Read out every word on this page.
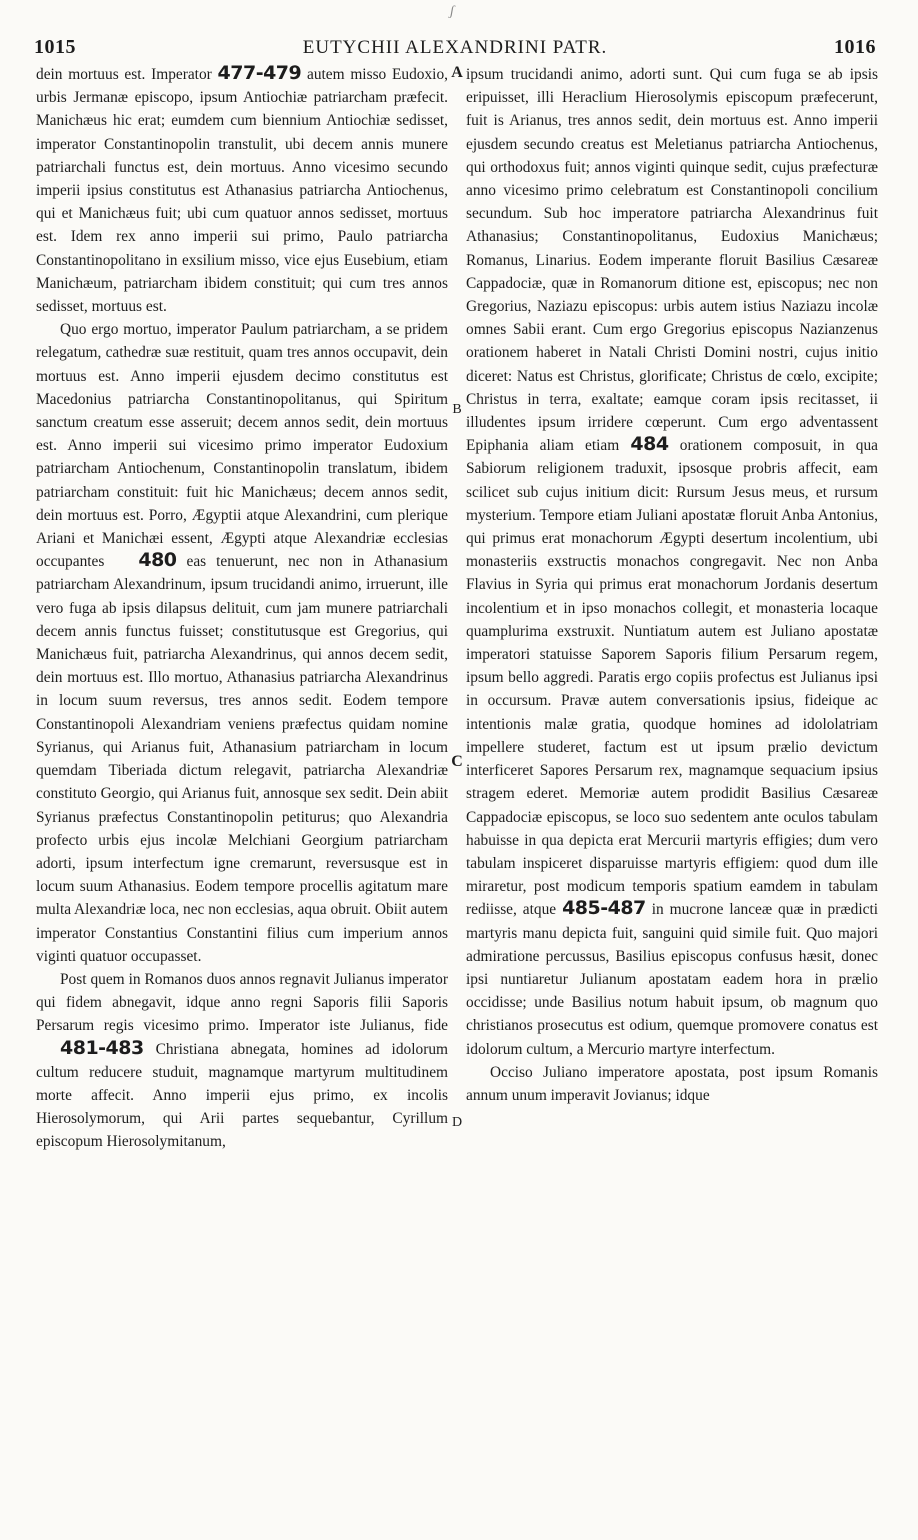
ʃ
1015	EUTYCHII ALEXANDRINI PATR.	1016

dein mortuus est. Imperator 477-479 autem misso Eudoxio, urbis Jermanæ episcopo, ipsum Antiochiæ patriarcham præfecit. Manichæus hic erat; eumdem cum biennium Antiochiæ sedisset, imperator Constantinopolin transtulit, ubi decem annis munere patriarchali functus est, dein mortuus. Anno vicesimo secundo imperii ipsius constitutus est Athanasius patriarcha Antiochenus, qui et Manichæus fuit; ubi cum quatuor annos sedisset, mortuus est. Idem rex anno imperii sui primo, Paulo patriarcha Constantinopolitano in exsilium misso, vice ejus Eusebium, etiam Manichæum, patriarcham ibidem constituit; qui cum tres annos sedisset, mortuus est.

Quo ergo mortuo, imperator Paulum patriarcham, a se pridem relegatum, cathedræ suæ restituit, quam tres annos occupavit, dein mortuus est. Anno imperii ejusdem decimo constitutus est Macedonius patriarcha Constantinopolitanus, qui Spiritum sanctum creatum esse asseruit; decem annos sedit, dein mortuus est. Anno imperii sui vicesimo primo imperator Eudoxium patriarcham Antiochenum, Constantinopolin translatum, ibidem patriarcham constituit: fuit hic Manichæus; decem annos sedit, dein mortuus est. Porro, Ægyptii atque Alexandrini, cum plerique Ariani et Manichæi essent, Ægypti atque Alexandriæ ecclesias occupantes 480 eas tenuerunt, nec non in Athanasium patriarcham Alexandrinum, ipsum trucidandi animo, irruerunt, ille vero fuga ab ipsis dilapsus delituit, cum jam munere patriarchali decem annis functus fuisset; constitutusque est Gregorius, qui Manichæus fuit, patriarcha Alexandrinus, qui annos decem sedit, dein mortuus est. Illo mortuo, Athanasius patriarcha Alexandrinus in locum suum reversus, tres annos sedit. Eodem tempore Constantinopoli Alexandriam veniens præfectus quidam nomine Syrianus, qui Arianus fuit, Athanasium patriarcham in locum quemdam Tiberiada dictum relegavit, patriarcha Alexandriæ constituto Georgio, qui Arianus fuit, annosque sex sedit. Dein abiit Syrianus præfectus Constantinopolin petiturus; quo Alexandria profecto urbis ejus incolæ Melchiani Georgium patriarcham adorti, ipsum interfectum igne cremarunt, reversusque est in locum suum Athanasius. Eodem tempore procellis agitatum mare multa Alexandriæ loca, nec non ecclesias, aqua obruit. Obiit autem imperator Constantius Constantini filius cum imperium annos viginti quatuor occupasset.

Post quem in Romanos duos annos regnavit Julianus imperator qui fidem abnegavit, idque anno regni Saporis filii Saporis Persarum regis vicesimo primo. Imperator iste Julianus, fide 481-483 Christiana abnegata, homines ad idolorum cultum reducere studuit, magnamque martyrum multitudinem morte affecit. Anno imperii ejus primo, ex incolis Hierosolymorum, qui Arii partes sequebantur, Cyrillum episcopum Hierosolymitanum,

A
B
C
D

ipsum trucidandi animo, adorti sunt. Qui cum fuga se ab ipsis eripuisset, illi Heraclium Hierosolymis episcopum præfecerunt, fuit is Arianus, tres annos sedit, dein mortuus est. Anno imperii ejusdem secundo creatus est Meletianus patriarcha Antiochenus, qui orthodoxus fuit; annos viginti quinque sedit, cujus præfecturæ anno vicesimo primo celebratum est Constantinopoli concilium secundum. Sub hoc imperatore patriarcha Alexandrinus fuit Athanasius; Constantinopolitanus, Eudoxius Manichæus; Romanus, Linarius. Eodem imperante floruit Basilius Cæsareæ Cappadociæ, quæ in Romanorum ditione est, episcopus; nec non Gregorius, Naziazu episcopus: urbis autem istius Naziazu incolæ omnes Sabii erant. Cum ergo Gregorius episcopus Nazianzenus orationem haberet in Natali Christi Domini nostri, cujus initio diceret: Natus est Christus, glorificate; Christus de cœlo, excipite; Christus in terra, exaltate; eamque coram ipsis recitasset, ii illudentes ipsum irridere cœperunt. Cum ergo adventassent Epiphania aliam etiam 484 orationem composuit, in qua Sabiorum religionem traduxit, ipsosque probris affecit, eam scilicet sub cujus initium dicit: Rursum Jesus meus, et rursum mysterium. Tempore etiam Juliani apostatæ floruit Anba Antonius, qui primus erat monachorum Ægypti desertum incolentium, ubi monasteriis exstructis monachos congregavit. Nec non Anba Flavius in Syria qui primus erat monachorum Jordanis desertum incolentium et in ipso monachos collegit, et monasteria locaque quamplurima exstruxit. Nuntiatum autem est Juliano apostatæ imperatori statuisse Saporem Saporis filium Persarum regem, ipsum bello aggredi. Paratis ergo copiis profectus est Julianus ipsi in occursum. Pravæ autem conversationis ipsius, fideique ac intentionis malæ gratia, quodque homines ad idololatriam impellere studeret, factum est ut ipsum prælio devictum interficeret Sapores Persarum rex, magnamque sequacium ipsius stragem ederet. Memoriæ autem prodidit Basilius Cæsareæ Cappadociæ episcopus, se loco suo sedentem ante oculos tabulam habuisse in qua depicta erat Mercurii martyris effigies; dum vero tabulam inspiceret disparuisse martyris effigiem: quod dum ille miraretur, post modicum temporis spatium eamdem in tabulam rediisse, atque 485-487 in mucrone lanceæ quæ in prædicti martyris manu depicta fuit, sanguini quid simile fuit. Quo majori admiratione percussus, Basilius episcopus confusus hæsit, donec ipsi nuntiaretur Julianum apostatam eadem hora in prælio occidisse; unde Basilius notum habuit ipsum, ob magnum quo christianos prosecutus est odium, quemque promovere conatus est idolorum cultum, a Mercurio martyre interfectum.

Occiso Juliano imperatore apostata, post ipsum Romanis annum unum imperavit Jovianus; idque
